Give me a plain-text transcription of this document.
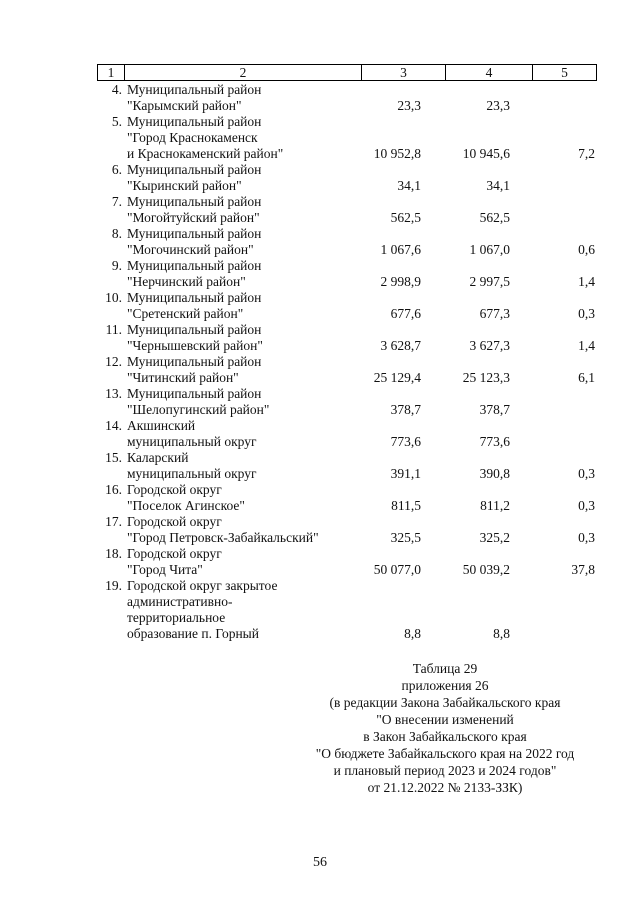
1	2	3	4	5
4. Муниципальный район
"Карымский район"	23,3	23,3
5. Муниципальный район
"Город Краснокаменск
и Краснокаменский район"	10 952,8	10 945,6	7,2
6. Муниципальный район
"Кыринский район"	34,1	34,1
7. Муниципальный район
"Могойтуйский район"	562,5	562,5
8. Муниципальный район
"Могочинский район"	1 067,6	1 067,0	0,6
9. Муниципальный район
"Нерчинский район"	2 998,9	2 997,5	1,4
10. Муниципальный район
"Сретенский район"	677,6	677,3	0,3
11. Муниципальный район
"Чернышевский район"	3 628,7	3 627,3	1,4
12. Муниципальный район
"Читинский район"	25 129,4	25 123,3	6,1
13. Муниципальный район
"Шелопугинский район"	378,7	378,7
14. Акшинский
муниципальный округ	773,6	773,6
15. Каларский
муниципальный округ	391,1	390,8	0,3
16. Городской округ
"Поселок Агинское"	811,5	811,2	0,3
17. Городской округ
"Город Петровск-Забайкальский"	325,5	325,2	0,3
18. Городской округ
"Город Чита"	50 077,0	50 039,2	37,8
19. Городской округ закрытое
административно-
территориальное
образование п. Горный	8,8	8,8
Таблица 29
приложения 26
(в редакции Закона Забайкальского края
"О внесении изменений
в Закон Забайкальского края
"О бюджете Забайкальского края на 2022 год
и плановый период 2023 и 2024 годов"
от 21.12.2022 № 2133-ЗЗК)
56
